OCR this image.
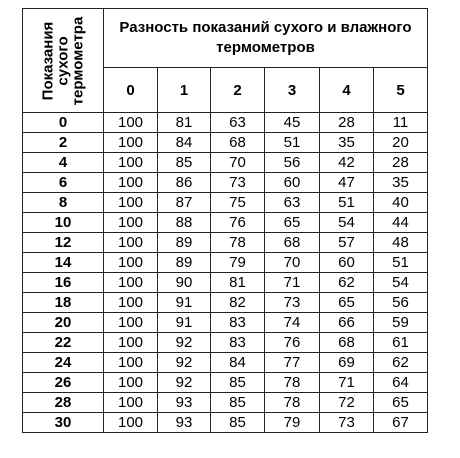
Показания
сухого
термометра	Разность показаний сухого и влажного
термометров					

	0	1	2	3	4	5
0	100	81	63	45	28	11
2	100	84	68	51	35	20
4	100	85	70	56	42	28
6	100	86	73	60	47	35
8	100	87	75	63	51	40
10	100	88	76	65	54	44
12	100	89	78	68	57	48
14	100	89	79	70	60	51
16	100	90	81	71	62	54
18	100	91	82	73	65	56
20	100	91	83	74	66	59
22	100	92	83	76	68	61
24	100	92	84	77	69	62
26	100	92	85	78	71	64
28	100	93	85	78	72	65
30	100	93	85	79	73	67
